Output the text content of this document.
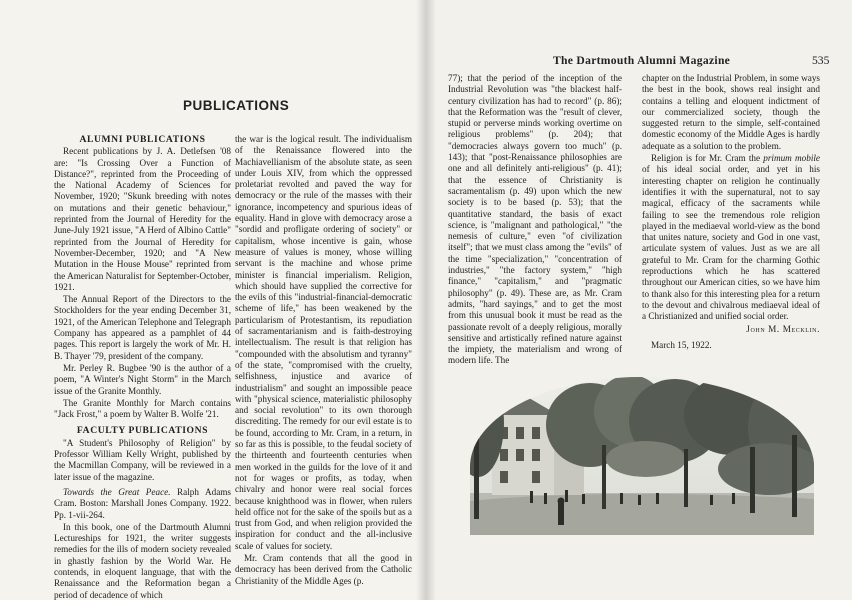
PUBLICATIONS
ALUMNI PUBLICATIONS

Recent publications by J. A. Detlefsen '08 are: "Is Crossing Over a Function of Distance?", reprinted from the Proceeding of the National Academy of Sciences for November, 1920; "Skunk breeding with notes on mutations and their genetic behaviour," reprinted from the Journal of Heredity for the June-July 1921 issue, "A Herd of Albino Cattle" reprinted from the Journal of Heredity for November-December, 1920; and "A New Mutation in the House Mouse" reprinted from the American Naturalist for September-October, 1921.

The Annual Report of the Directors to the Stockholders for the year ending December 31, 1921, of the American Telephone and Telegraph Company has appeared as a pamphlet of 44 pages. This report is largely the work of Mr. H. B. Thayer '79, president of the company.

Mr. Perley R. Bugbee '90 is the author of a poem, "A Winter's Night Storm" in the March issue of the Granite Monthly.

The Granite Monthly for March contains "Jack Frost," a poem by Walter B. Wolfe '21.

FACULTY PUBLICATIONS

"A Student's Philosophy of Religion" by Professor William Kelly Wright, published by the Macmillan Company, will be reviewed in a later issue of the magazine.

Towards the Great Peace. Ralph Adams Cram. Boston: Marshall Jones Company. 1922. Pp. 1-vii-264.

In this book, one of the Dartmouth Alumni Lectureships for 1921, the writer suggests remedies for the ills of modern society revealed in ghastly fashion by the World War. He contends, in eloquent language, that with the Renaissance and the Reformation began a period of decadence of which

the war is the logical result. The individualism of the Renaissance flowered into the Machiavellianism of the absolute state, as seen under Louis XIV, from which the oppressed proletariat revolted and paved the way for democracy or the rule of the masses with their ignorance, incompetency and spurious ideas of equality. Hand in glove with democracy arose a "sordid and profligate ordering of society" or capitalism, whose incentive is gain, whose measure of values is money, whose willing servant is the machine and whose prime minister is financial imperialism. Religion, which should have supplied the corrective for the evils of this "industrial-financial-democratic scheme of life," has been weakened by the particularism of Protestantism, its repudiation of sacramentarianism and is faith-destroying intellectualism. The result is that religion has "compounded with the absolutism and tyranny" of the state, "compromised with the cruelty, selfishness, injustice and avarice of industrialism" and sought an impossible peace with "physical science, materialistic philosophy and social revolution" to its own thorough discrediting. The remedy for our evil estate is to be found, according to Mr. Cram, in a return, in so far as this is possible, to the feudal society of the thirteenth and fourteenth centuries when men worked in the guilds for the love of it and not for wages or profits, as today, when chivalry and honor were real social forces because knighthood was in flower, when rulers held office not for the sake of the spoils but as a trust from God, and when religion provided the inspiration for conduct and the all-inclusive scale of values for society.

Mr. Cram contends that all the good in democracy has been derived from the Catholic Christianity of the Middle Ages (p.

The Dartmouth Alumni Magazine	535

77); that the period of the inception of the Industrial Revolution was "the blackest half-century civilization has had to record" (p. 86); that the Reformation was the "result of clever, stupid or perverse minds working overtime on religious problems" (p. 204); that "democracies always govern too much" (p. 143); that "post-Renaissance philosophies are one and all definitely anti-religious" (p. 41); that the essence of Christianity is sacramentalism (p. 49) upon which the new society is to be based (p. 53); that the quantitative standard, the basis of exact science, is "malignant and pathological," "the nemesis of culture," even "of civilization itself"; that we must class among the "evils" of the time "specialization," "concentration of industries," "the factory system," "high finance," "capitalism," and "pragmatic philosophy" (p. 49). These are, as Mr. Cram admits, "hard sayings," and to get the most from this unusual book it must be read as the passionate revolt of a deeply religious, morally sensitive and artistically refined nature against the impiety, the materialism and wrong of modern life. The

chapter on the Industrial Problem, in some ways the best in the book, shows real insight and contains a telling and eloquent indictment of our commercialized society, though the suggested return to the simple, self-contained domestic economy of the Middle Ages is hardly adequate as a solution to the problem.

Religion is for Mr. Cram the primum mobile of his ideal social order, and yet in his interesting chapter on religion he continually identifies it with the supernatural, not to say magical, efficacy of the sacraments while failing to see the tremendous role religion played in the mediaeval world-view as the bond that unites nature, society and God in one vast, articulate system of values. Just as we are all grateful to Mr. Cram for the charming Gothic reproductions which he has scattered throughout our American cities, so we have him to thank also for this interesting plea for a return to the devout and chivalrous mediaeval ideal of a Christianized and unified social order.

John M. Mecklin.
March 15, 1922.
